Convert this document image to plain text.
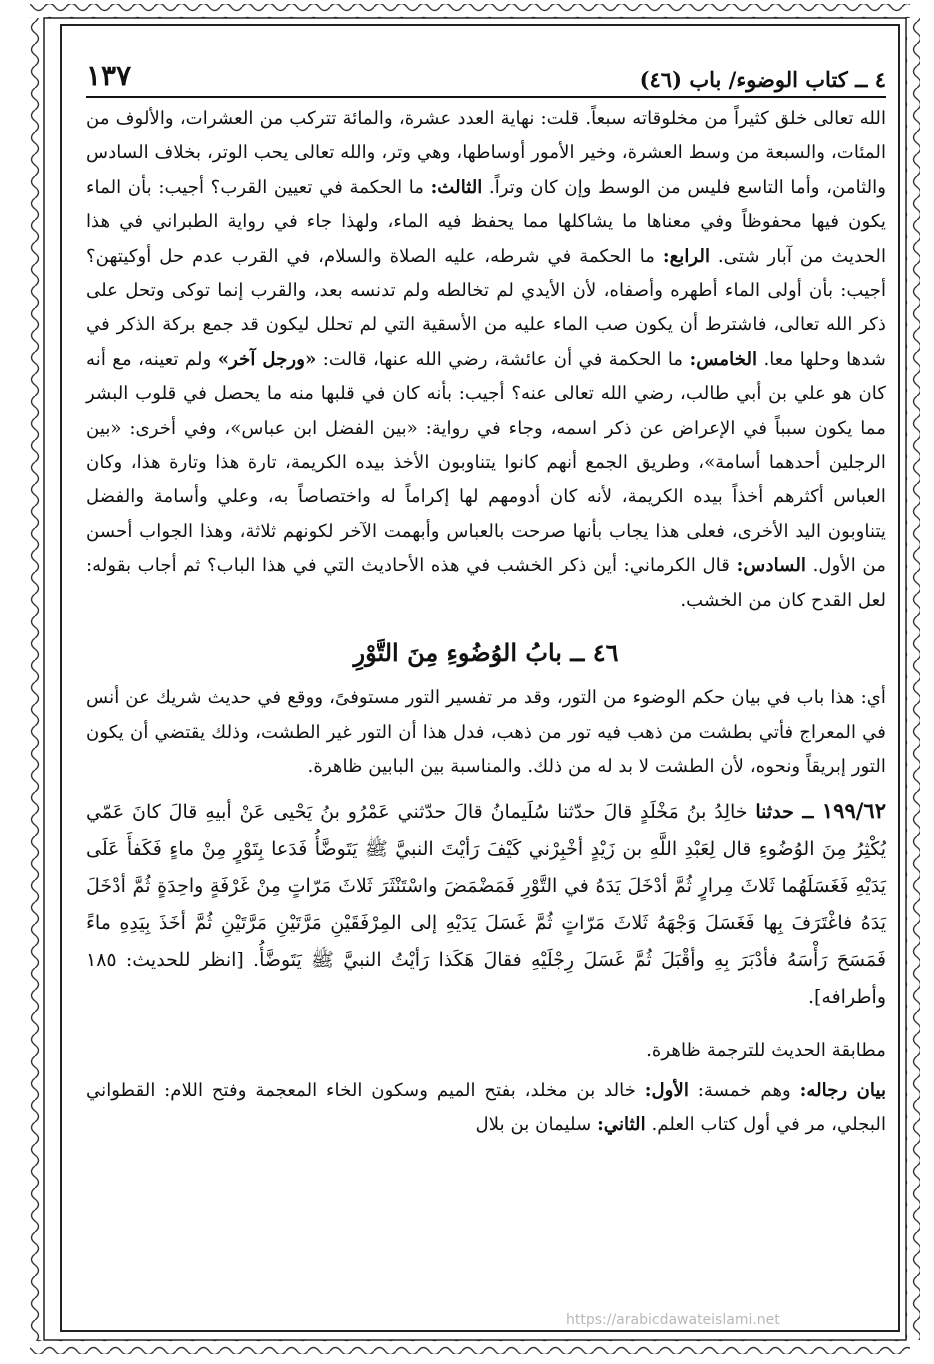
٤ ــ كتاب الوضوء/ باب (٤٦)
١٣٧

الله تعالى خلق كثيراً من مخلوقاته سبعاً. قلت: نهاية العدد عشرة، والمائة تتركب من العشرات، والألوف من المئات، والسبعة من وسط العشرة، وخير الأمور أوساطها، وهي وتر، والله تعالى يحب الوتر، بخلاف السادس والثامن، وأما التاسع فليس من الوسط وإن كان وتراً. الثالث: ما الحكمة في تعيين القرب؟ أجيب: بأن الماء يكون فيها محفوظاً وفي معناها ما يشاكلها مما يحفظ فيه الماء، ولهذا جاء في رواية الطبراني في هذا الحديث من آبار شتى. الرابع: ما الحكمة في شرطه، عليه الصلاة والسلام، في القرب عدم حل أوكيتهن؟ أجيب: بأن أولى الماء أطهره وأصفاه، لأن الأيدي لم تخالطه ولم تدنسه بعد، والقرب إنما توكى وتحل على ذكر الله تعالى، فاشترط أن يكون صب الماء عليه من الأسقية التي لم تحلل ليكون قد جمع بركة الذكر في شدها وحلها معا. الخامس: ما الحكمة في أن عائشة، رضي الله عنها، قالت: «ورجل آخر» ولم تعينه، مع أنه كان هو علي بن أبي طالب، رضي الله تعالى عنه؟ أجيب: بأنه كان في قلبها منه ما يحصل في قلوب البشر مما يكون سبباً في الإعراض عن ذكر اسمه، وجاء في رواية: «بين الفضل ابن عباس»، وفي أخرى: «بين الرجلين أحدهما أسامة»، وطريق الجمع أنهم كانوا يتناوبون الأخذ بيده الكريمة، تارة هذا وتارة هذا، وكان العباس أكثرهم أخذاً بيده الكريمة، لأنه كان أدومهم لها إكراماً له واختصاصاً به، وعلي وأسامة والفضل يتناوبون اليد الأخرى، فعلى هذا يجاب بأنها صرحت بالعباس وأبهمت الآخر لكونهم ثلاثة، وهذا الجواب أحسن من الأول. السادس: قال الكرماني: أين ذكر الخشب في هذه الأحاديث التي في هذا الباب؟ ثم أجاب بقوله: لعل القدح كان من الخشب.

٤٦ ــ بابُ الوُضُوءِ مِنَ التَّوْرِ

أي: هذا باب في بيان حكم الوضوء من التور، وقد مر تفسير التور مستوفىً، ووقع في حديث شريك عن أنس في المعراج فأتي بطشت من ذهب فيه تور من ذهب، فدل هذا أن التور غير الطشت، وذلك يقتضي أن يكون التور إبريقاً ونحوه، لأن الطشت لا بد له من ذلك. والمناسبة بين البابين ظاهرة.

١٩٩/٦٢ ــ حدثنا خالِدُ بنُ مَخْلَدٍ قالَ حدّثنا سُلَيمانُ قالَ حدّثني عَمْرُو بنُ يَحْيى عَنْ أبيهِ قالَ كانَ عَمّي يُكْثِرُ مِنَ الوُضُوءِ قال لِعَبْدِ اللَّهِ بن زَيْدٍ أخْبِرْني كَيْفَ رَأيْتَ النبيَّ ﷺ يَتَوضَّأُ فَدَعا بِتَوْرٍ مِنْ ماءٍ فَكَفأَ عَلَى يَدَيْهِ فَغَسَلَهُما ثَلاثَ مِرارٍ ثُمَّ أدْخَلَ يَدَهُ في التَّوْرِ فَمَضْمَضَ واسْتَنْثَرَ ثَلاثَ مَرّاتٍ مِنْ غَرْفَةٍ واحِدَةٍ ثُمَّ أدْخَلَ يَدَهُ فاغْتَرَفَ بِها فَغَسَلَ وَجْهَهُ ثَلاثَ مَرّاتٍ ثُمَّ غَسَلَ يَدَيْهِ إلى المِرْفَقَيْنِ مَرَّتَيْنِ مَرَّتَيْنِ ثُمَّ أخَذَ بِيَدِهِ ماءً فَمَسَحَ رَأْسَهُ فأدْبَرَ بِهِ وأقْبَلَ ثُمَّ غَسَلَ رِجْلَيْهِ فقالَ هَكَذا رَأيْتُ النبيَّ ﷺ يَتَوضَّأُ. [انظر للحديث: ١٨٥ وأطرافه].

مطابقة الحديث للترجمة ظاهرة.

بيان رجاله: وهم خمسة: الأول: خالد بن مخلد، بفتح الميم وسكون الخاء المعجمة وفتح اللام: القطواني البجلي، مر في أول كتاب العلم. الثاني: سليمان بن بلال

https://arabicdawateislami.net
